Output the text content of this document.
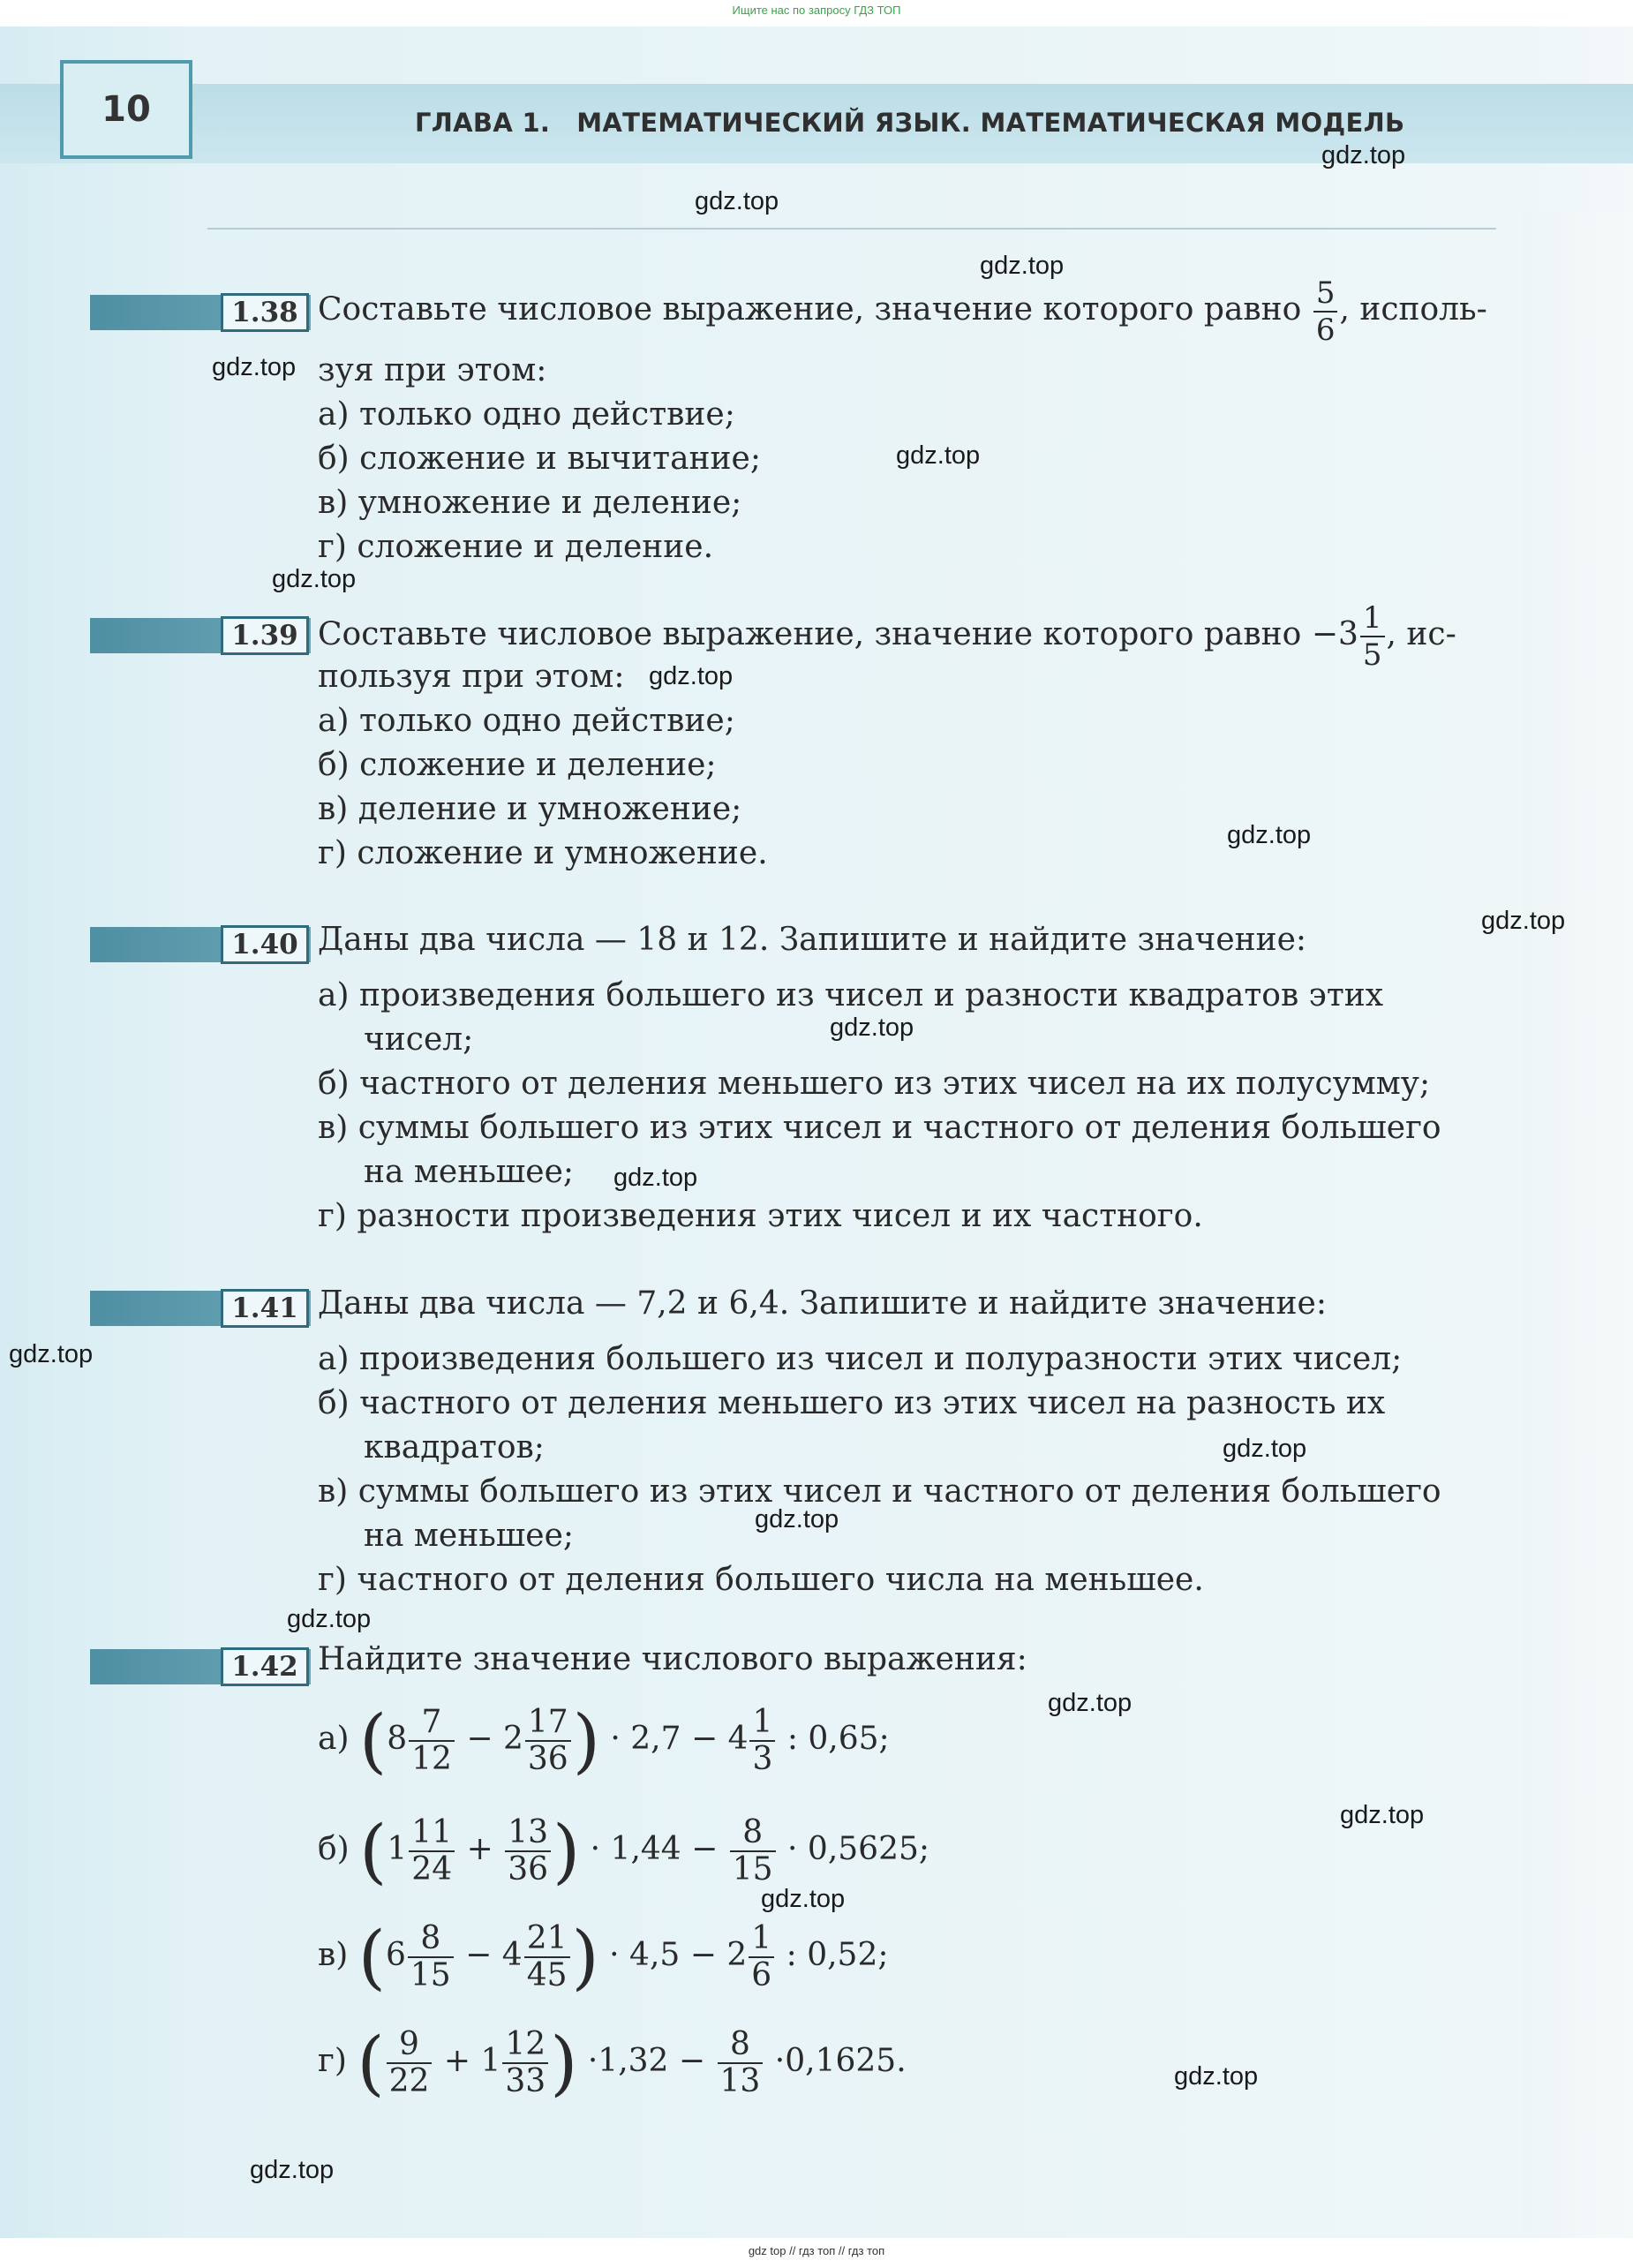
Ищите нас по запросу ГДЗ ТОП
10	ГЛАВА 1. МАТЕМАТИЧЕСКИЙ ЯЗЫК. МАТЕМАТИЧЕСКАЯ МОДЕЛЬ
1.38 Составьте числовое выражение, значение которого равно $\frac{5}{6}$ , исполь-
зуя при этом:
а) только одно действие;
б) сложение и вычитание;
в) умножение и деление;
г) сложение и деление.
1.39 Составьте числовое выражение, значение которого равно $-3 \frac{1}{5}$ , ис-
пользуя при этом:
а) только одно действие;
б) сложение и деление;
в) деление и умножение;
г) сложение и умножение.
1.40 Даны два числа — 18 и 12. Запишите и найдите значение:
а) произведения большего из чисел и разности квадратов этих
чисел;
б) частного от деления меньшего из этих чисел на их полусумму;
в) суммы большего из этих чисел и частного от деления большего
на меньшее;
г) разности произведения этих чисел и их частного.
1.41 Даны два числа — 7,2 и 6,4. Запишите и найдите значение:
а) произведения большего из чисел и полуразности этих чисел;
б) частного от деления меньшего из этих чисел на разность их
квадратов;
в) суммы большего из этих чисел и частного от деления большего
на меньшее;
г) частного от деления большего числа на меньшее.
1.42 Найдите значение числового выражения:
а) ($8 \frac{7}{12} - 2 \frac{17}{36}$ ) · $2,7 - 4 \frac{1}{3}$ : 0,65;
б) ($1 \frac{11}{24} + \frac{13}{36}$ ) · $1,44 - \frac{8}{15} \cdot 0,5625$;
в) ($6 \frac{8}{15} - 4 \frac{21}{45}$ ) · $4,5 - 2 \frac{1}{6}$ : 0,52;
г) ( $\frac{9}{22} + 1 \frac{12}{33}$ ) $\cdot 1,32 - \frac{8}{13} \cdot 0,1625$.
gdz.top
gdz.top
gdz.top
gdz.top
gdz.top
gdz.top
gdz.top
gdz.top
gdz.top
gdz.top
gdz.top
gdz.top
gdz.top
gdz.top
gdz.top
gdz.top
gdz.top
gdz.top
gdz.top
gdz.top
gdz top // гдз топ // гдз топ
